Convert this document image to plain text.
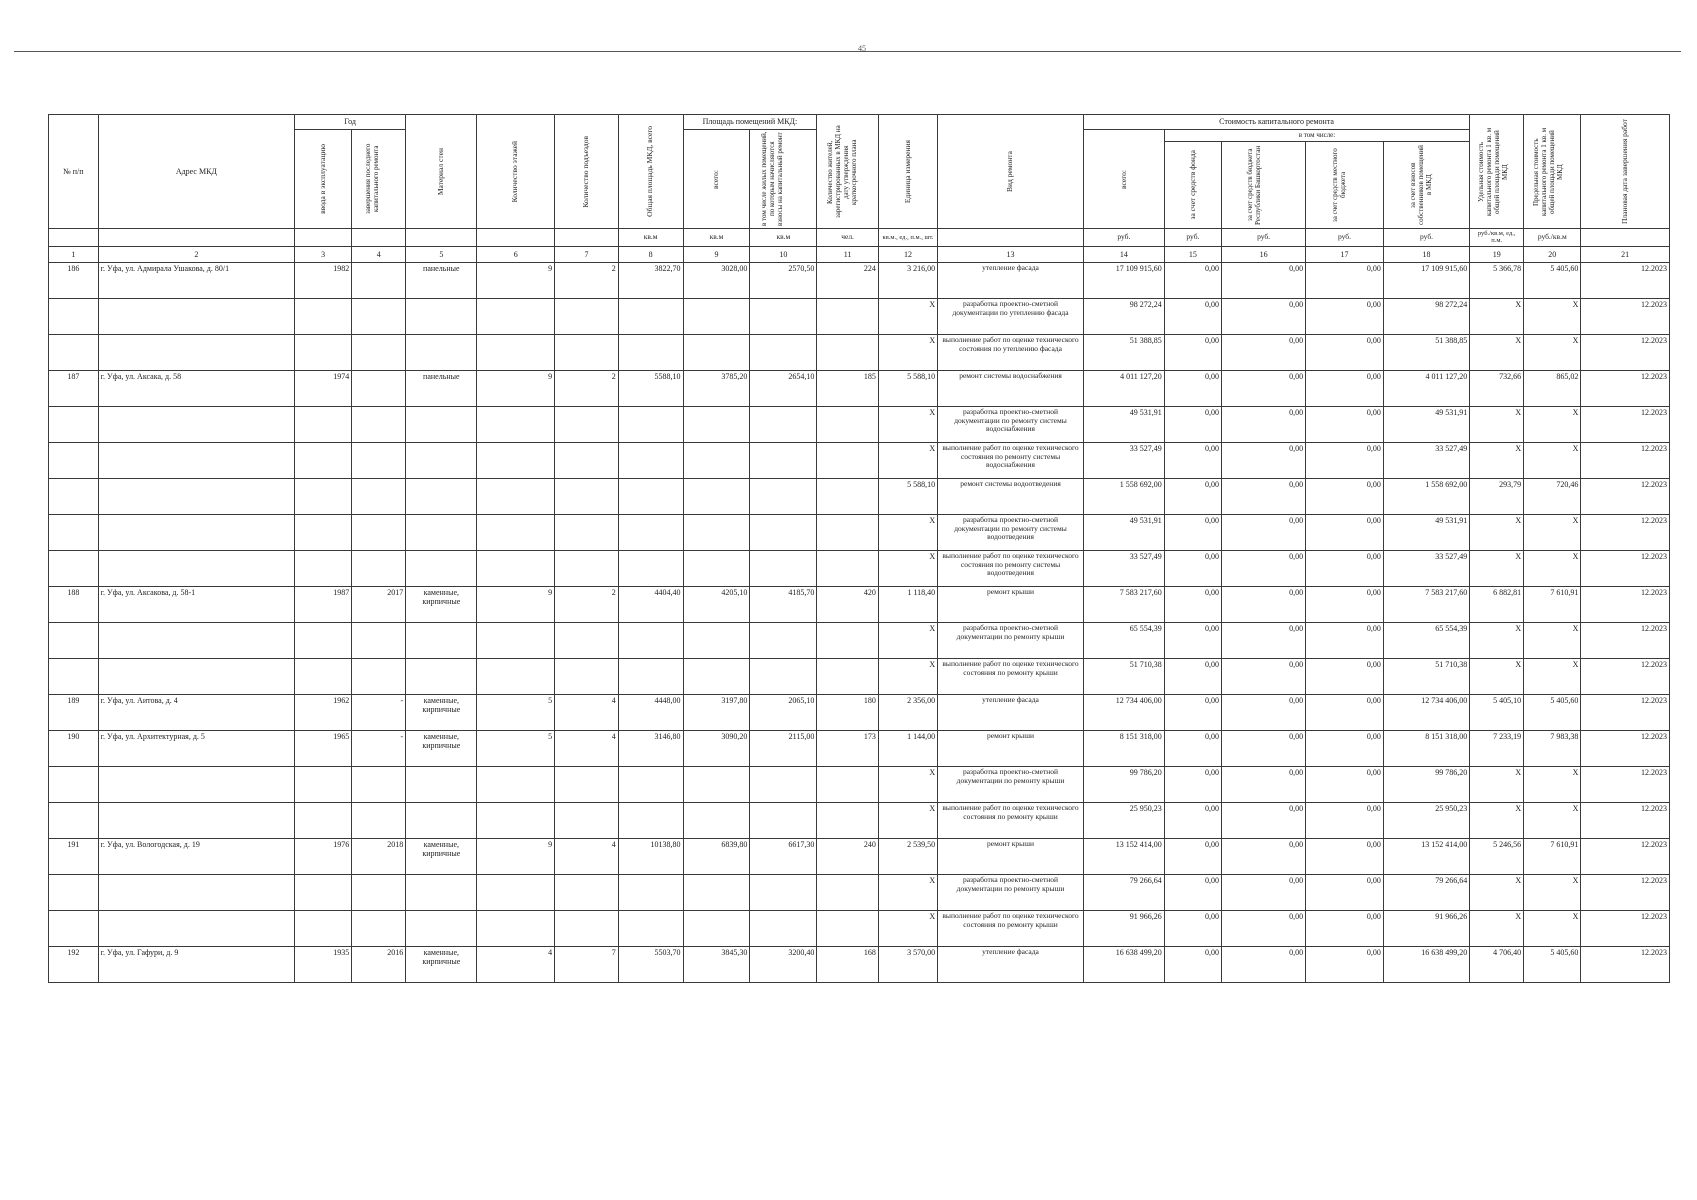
45
№ п/п	Адрес МКД	Год		Материал стен	Количество этажей	Количество подъездов	Общая площадь МКД, всего	Площадь помещений МКД:		Количество жителей, зарегистрированных в МКД на дату утверждения краткосрочного плана	Единица измерения	Вид ремонта	Стоимость капитального ремонта					Удельная стоимость капитального ремонта 1 кв. м общей площади помещений МКД	Предельная стоимость капитального ремонта 1 кв. м общей площади помещений МКД	Плановая дата завершения работ

		ввода в эксплуатацию	завершения последнего капитального ремонта					всего:	в том числе жилых помещений, по которым начисляются взносы на капитальный ремонт				всего:	в том числе:						

														за счет средств фонда	за счет средств бюджета Республики Башкортостан	за счет средств местного бюджета	за счет взносов собственников помещений в МКД			

							кв.м	кв.м	кв.м	чел.	кв.м., ед., п.м., шт.		руб.	руб.	руб.	руб.	руб.	руб./кв.м, ед., п.м.	руб./кв.м	
1	2	3	4	5	6	7	8	9	10	11	12	13	14	15	16	17	18	19	20	21
186	г. Уфа, ул. Адмирала Ушакова, д. 80/1	1982		панельные	9	2	3822,70	3028,00	2570,50	224	3 216,00	утепление фасада	17 109 915,60	0,00	0,00	0,00	17 109 915,60	5 366,78	5 405,60	12.2023
											X	разработка проектно-сметной документации по утеплению фасада	98 272,24	0,00	0,00	0,00	98 272,24	X	X	12.2023
											X	выполнение работ по оценке технического состояния по утеплению фасада	51 388,85	0,00	0,00	0,00	51 388,85	X	X	12.2023
187	г. Уфа, ул. Аксака, д. 58	1974		панельные	9	2	5588,10	3785,20	2654,10	185	5 588,10	ремонт системы водоснабжения	4 011 127,20	0,00	0,00	0,00	4 011 127,20	732,66	865,02	12.2023
											X	разработка проектно-сметной документации по ремонту системы водоснабжения	49 531,91	0,00	0,00	0,00	49 531,91	X	X	12.2023
											X	выполнение работ по оценке технического состояния по ремонту системы водоснабжения	33 527,49	0,00	0,00	0,00	33 527,49	X	X	12.2023
											5 588,10	ремонт системы водоотведения	1 558 692,00	0,00	0,00	0,00	1 558 692,00	293,79	720,46	12.2023
											X	разработка проектно-сметной документации по ремонту системы водоотведения	49 531,91	0,00	0,00	0,00	49 531,91	X	X	12.2023
											X	выполнение работ по оценке технического состояния по ремонту системы водоотведения	33 527,49	0,00	0,00	0,00	33 527,49	X	X	12.2023
188	г. Уфа, ул. Аксакова, д. 58-1	1987	2017	каменные, кирпичные	9	2	4404,40	4205,10	4185,70	420	1 118,40	ремонт крыши	7 583 217,60	0,00	0,00	0,00	7 583 217,60	6 882,81	7 610,91	12.2023
											X	разработка проектно-сметной документации по ремонту крыши	65 554,39	0,00	0,00	0,00	65 554,39	X	X	12.2023
											X	выполнение работ по оценке технического состояния по ремонту крыши	51 710,38	0,00	0,00	0,00	51 710,38	X	X	12.2023
189	г. Уфа, ул. Аитова, д. 4	1962	-	каменные, кирпичные	5	4	4448,00	3197,80	2065,10	180	2 356,00	утепление фасада	12 734 406,00	0,00	0,00	0,00	12 734 406,00	5 405,10	5 405,60	12.2023
190	г. Уфа, ул. Архитектурная, д. 5	1965	-	каменные, кирпичные	5	4	3146,80	3090,20	2115,00	173	1 144,00	ремонт крыши	8 151 318,00	0,00	0,00	0,00	8 151 318,00	7 233,19	7 983,38	12.2023
											X	разработка проектно-сметной документации по ремонту крыши	99 786,20	0,00	0,00	0,00	99 786,20	X	X	12.2023
											X	выполнение работ по оценке технического состояния по ремонту крыши	25 950,23	0,00	0,00	0,00	25 950,23	X	X	12.2023
191	г. Уфа, ул. Вологодская, д. 19	1976	2018	каменные, кирпичные	9	4	10138,80	6839,80	6617,30	240	2 539,50	ремонт крыши	13 152 414,00	0,00	0,00	0,00	13 152 414,00	5 246,56	7 610,91	12.2023
											X	разработка проектно-сметной документации по ремонту крыши	79 266,64	0,00	0,00	0,00	79 266,64	X	X	12.2023
											X	выполнение работ по оценке технического состояния по ремонту крыши	91 966,26	0,00	0,00	0,00	91 966,26	X	X	12.2023
192	г. Уфа, ул. Гафури, д. 9	1935	2016	каменные, кирпичные	4	7	5503,70	3845,30	3200,40	168	3 570,00	утепление фасада	16 638 499,20	0,00	0,00	0,00	16 638 499,20	4 706,40	5 405,60	12.2023
